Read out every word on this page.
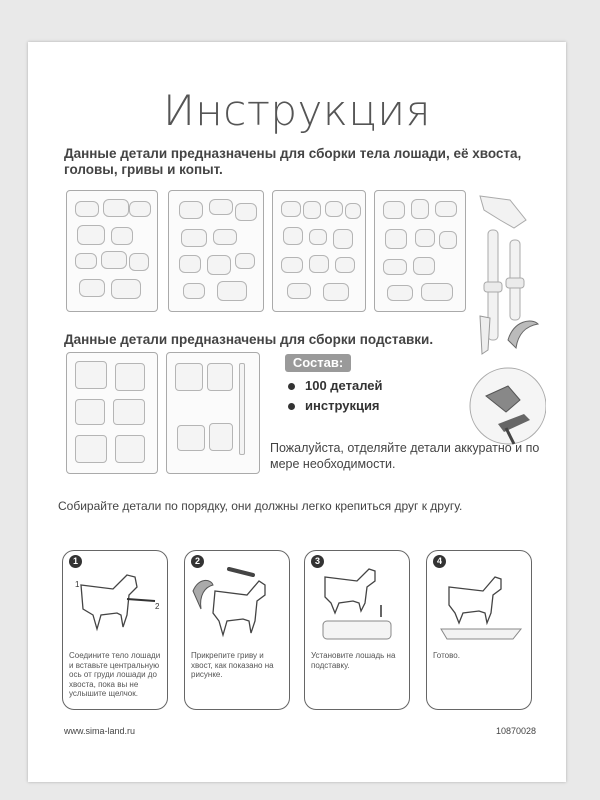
Инструкция
Данные детали предназначены для сборки тела лошади, её хвоста, головы, гривы и копыт.
Данные детали предназначены для сборки подставки.
Состав:
100 деталей
инструкция
Пожалуйста, отделяйте детали аккуратно и по мере необходимости.
Собирайте детали по порядку, они должны легко крепиться друг к другу.
1
1
2
Соедините тело лошади и вставьте центральную ось от груди лошади до хвоста, пока вы не услышите щелчок.
2
Прикрепите гриву и хвост, как показано на рисунке.
3
Установите лошадь на подставку.
4
Готово.
www.sima-land.ru	10870028
